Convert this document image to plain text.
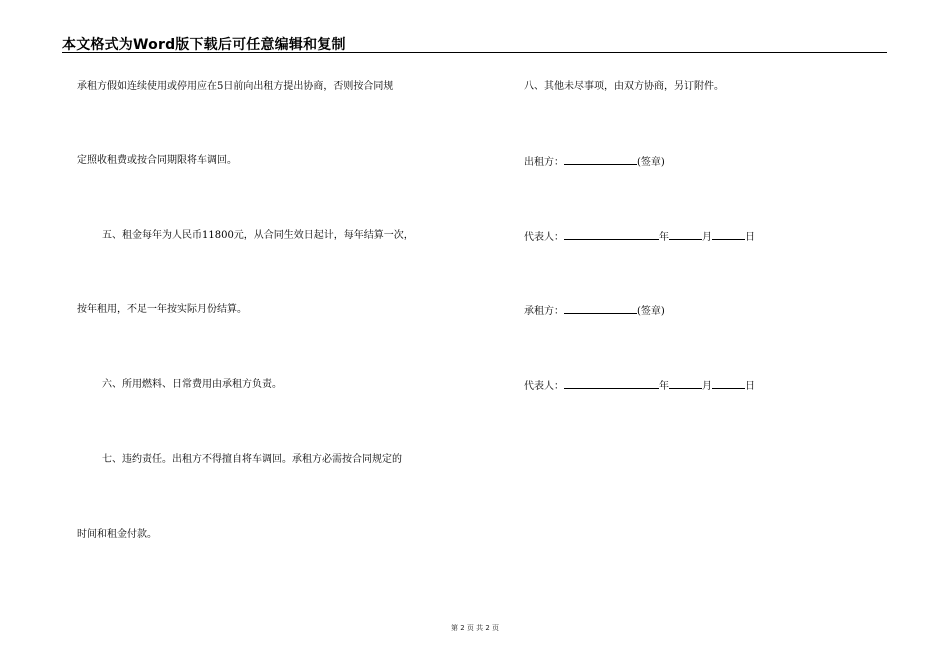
本文格式为Word版下载后可任意编辑和复制
承租方假如连续使用或停用应在5日前向出租方提出协商，否则按合同规
定照收租费或按合同期限将车调回。
五、租金每年为人民币11800元，从合同生效日起计，每年结算一次，
按年租用，不足一年按实际月份结算。
六、所用燃料、日常费用由承租方负责。
七、违约责任。出租方不得擅自将车调回。承租方必需按合同规定的
时间和租金付款。
八、其他未尽事项，由双方协商，另订附件。
出租方：	(签章)
代表人：	年	月	日
承租方：	(签章)
代表人：	年	月	日
第 2 页 共 2 页
